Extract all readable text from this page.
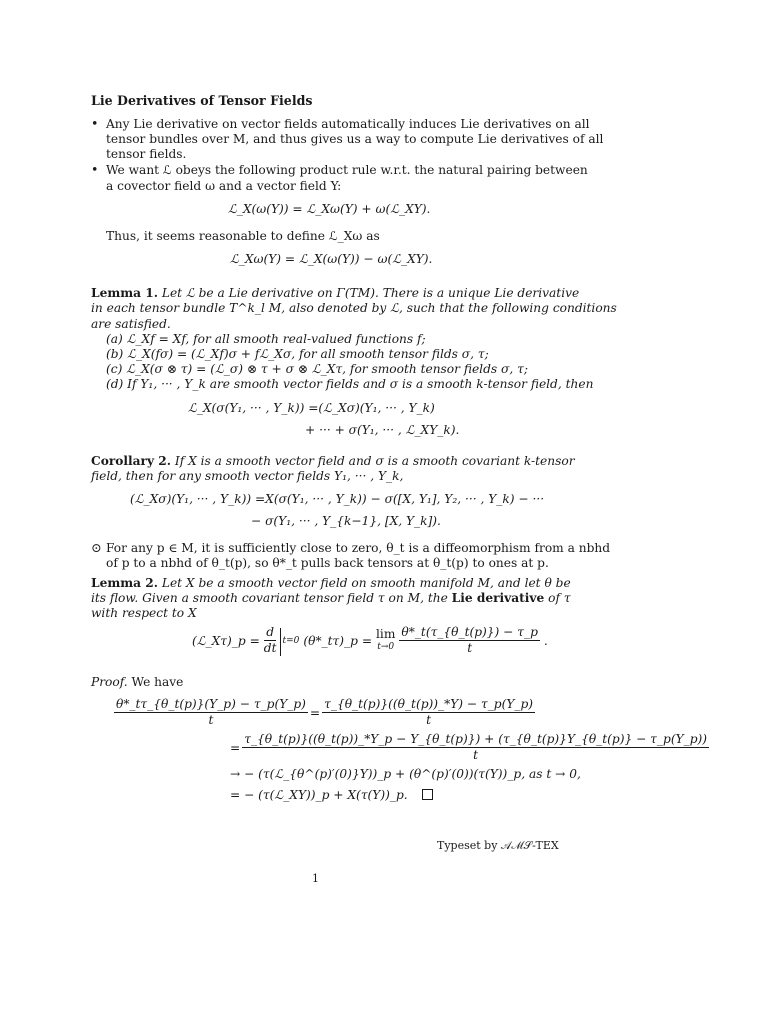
Lie Derivatives of Tensor Fields
• Any Lie derivative on vector fields automatically induces Lie derivatives on all
tensor bundles over M, and thus gives us a way to compute Lie derivatives of all
tensor fields.
• We want ℒ obeys the following product rule w.r.t. the natural pairing between
a covector field ω and a vector field Y:
ℒ_X(ω(Y)) = ℒ_Xω(Y) + ω(ℒ_XY).
Thus, it seems reasonable to define ℒ_Xω as
ℒ_Xω(Y) = ℒ_X(ω(Y)) − ω(ℒ_XY).
Lemma 1. Let ℒ be a Lie derivative on Γ(TM). There is a unique Lie derivative
in each tensor bundle T^k_l M, also denoted by ℒ, such that the following conditions
are satisfied.
(a) ℒ_Xf = Xf, for all smooth real-valued functions f;
(b) ℒ_X(fσ) = (ℒ_Xf)σ + fℒ_Xσ, for all smooth tensor filds σ, τ;
(c) ℒ_X(σ ⊗ τ) = (ℒ_σ) ⊗ τ + σ ⊗ ℒ_Xτ, for smooth tensor fields σ, τ;
(d) If Y₁, ··· , Y_k are smooth vector fields and σ is a smooth k-tensor field, then
ℒ_X(σ(Y₁, ··· , Y_k)) =(ℒ_Xσ)(Y₁, ··· , Y_k)
+ ··· + σ(Y₁, ··· , ℒ_XY_k).
Corollary 2. If X is a smooth vector field and σ is a smooth covariant k-tensor
field, then for any smooth vector fields Y₁, ··· , Y_k,
(ℒ_Xσ)(Y₁, ··· , Y_k)) =X(σ(Y₁, ··· , Y_k)) − σ([X, Y₁], Y₂, ··· , Y_k) − ···
− σ(Y₁, ··· , Y_{k−1}, [X, Y_k]).
⊙ For any p ∈ M, it is sufficiently close to zero, θ_t is a diffeomorphism from a nbhd
of p to a nbhd of θ_t(p), so θ*_t pulls back tensors at θ_t(p) to ones at p.
Lemma 2. Let X be a smooth vector field on smooth manifold M, and let θ be
its flow. Given a smooth covariant tensor field τ on M, the Lie derivative of τ
with respect to X
(ℒ_Xτ)_p = $\frac{d}{dt} t=0$ (θ*_tτ)_p = lim
$t\to 0 \frac{\theta*\_t(\tau\_\{\theta\_t(p)\}) - \tau\_p}{t}$ .
Proof. We have
$\frac{\theta*\_t\tau\_\{\theta\_t(p)\}(Y\_p) - \tau\_p(Y\_p)}{t} = \frac{\tau\_\{\theta\_t(p)\}((\theta\_t(p))\_*Y) - \tau\_p(Y\_p)}{t}$
=
τ_{θ_t(p)}((θ_t(p))_*Y_p − Y_{θ_t(p)}) + (τ_{θ_t(p)}Y_{θ_t(p)} − τ_p(Y_p))
t
→ − (τ(ℒ_{θ^(p)′(0)}Y))_p + (θ^(p)′(0))(τ(Y))_p, as t → 0,
= − (τ(ℒ_XY))_p + X(τ(Y))_p.
Typeset by 𝒜ℳ𝒮-TEX
1
